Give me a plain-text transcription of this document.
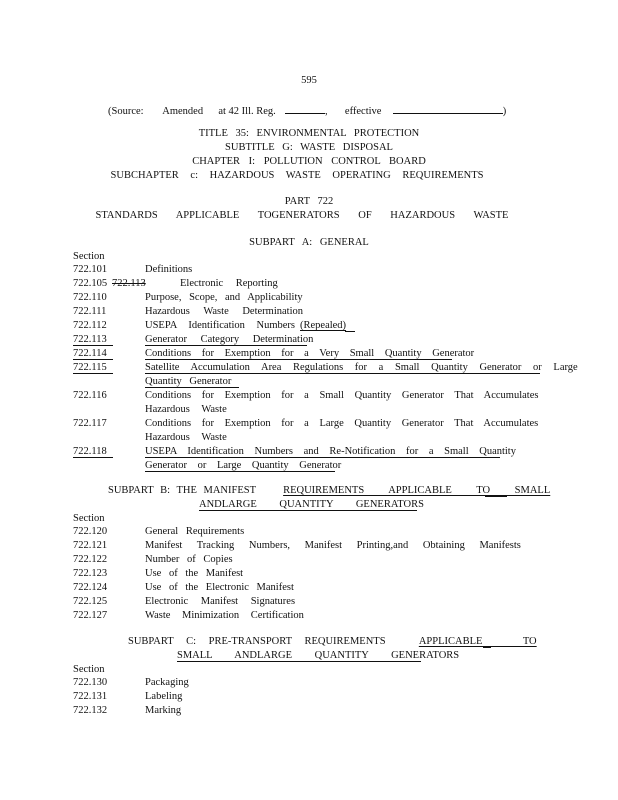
595
(Source: Amended at 42 Ill. Reg.	, effective	)
TITLE 35: ENVIRONMENTAL PROTECTION
SUBTITLE G: WASTE DISPOSAL
CHAPTER I: POLLUTION CONTROL BOARD
SUBCHAPTER c: HAZARDOUS WASTE OPERATING REQUIREMENTS
PART 722
STANDARDS APPLICABLE TOGENERATORS OF HAZARDOUS WASTE
SUBPART A: GENERAL
Section
722.101	Definitions
722.105 722.113	Electronic Reporting
722.110	Purpose, Scope, and Applicability
722.111	Hazardous Waste Determination
722.112	USEPA Identification Numbers (Repealed)
722.113	Generator Category Determination
722.114	Conditions for Exemption for a Very Small Quantity Generator
722.115	Satellite Accumulation Area Regulations for a Small Quantity Generator or Large
Quantity Generator
722.116	Conditions for Exemption for a Small Quantity Generator That Accumulates
Hazardous Waste
722.117	Conditions for Exemption for a Large Quantity Generator That Accumulates
Hazardous Waste
722.118	USEPA Identification Numbers and Re-Notification for a Small Quantity
Generator or Large Quantity Generator
SUBPART B: THE MANIFEST	REQUIREMENTS APPLICABLE TO SMALL
ANDLARGE QUANTITY GENERATORS
Section
722.120	General Requirements
722.121	Manifest Tracking Numbers, Manifest Printing,and Obtaining Manifests
722.122	Number of Copies
722.123	Use of the Manifest
722.124	Use of the Electronic Manifest
722.125	Electronic Manifest Signatures
722.127	Waste Minimization Certification
SUBPART C: PRE-TRANSPORT REQUIREMENTS	APPLICABLE TO
SMALL ANDLARGE QUANTITY GENERATORS
Section
722.130	Packaging
722.131	Labeling
722.132	Marking
